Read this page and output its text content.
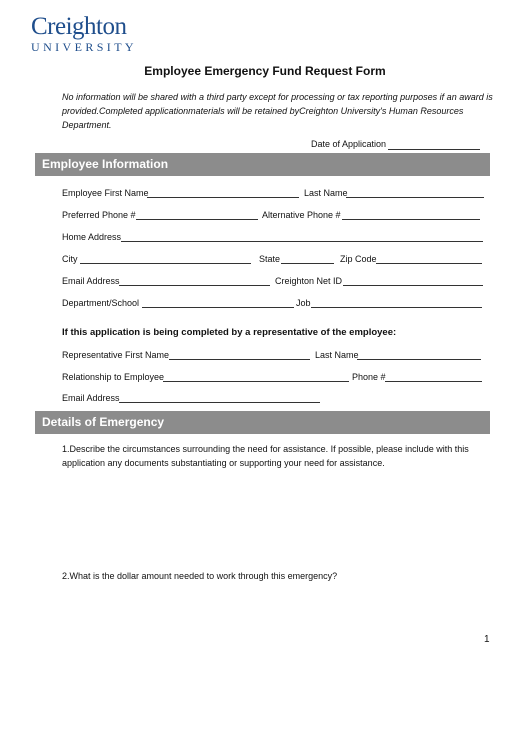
Creighton
UNIVERSITY
Employee Emergency Fund Request Form
No information will be shared with a third party except for processing or tax reporting purposes if an award is provided.Completed applicationmaterials will be retained byCreighton University's Human Resources Department.
Date of Application
Employee Information
Employee First Name	Last Name
Preferred Phone #	Alternative Phone #
Home Address
City	State	Zip Code
Email Address	Creighton Net ID
Department/School	Job
If this application is being completed by a representative of the employee:
Representative First Name	Last Name
Relationship to Employee	Phone #
Email Address
Details of Emergency
1.Describe the circumstances surrounding the need for assistance. If possible, please include with this application any documents substantiating or supporting your need for assistance.
2.What is the dollar amount needed to work through this emergency?
1
